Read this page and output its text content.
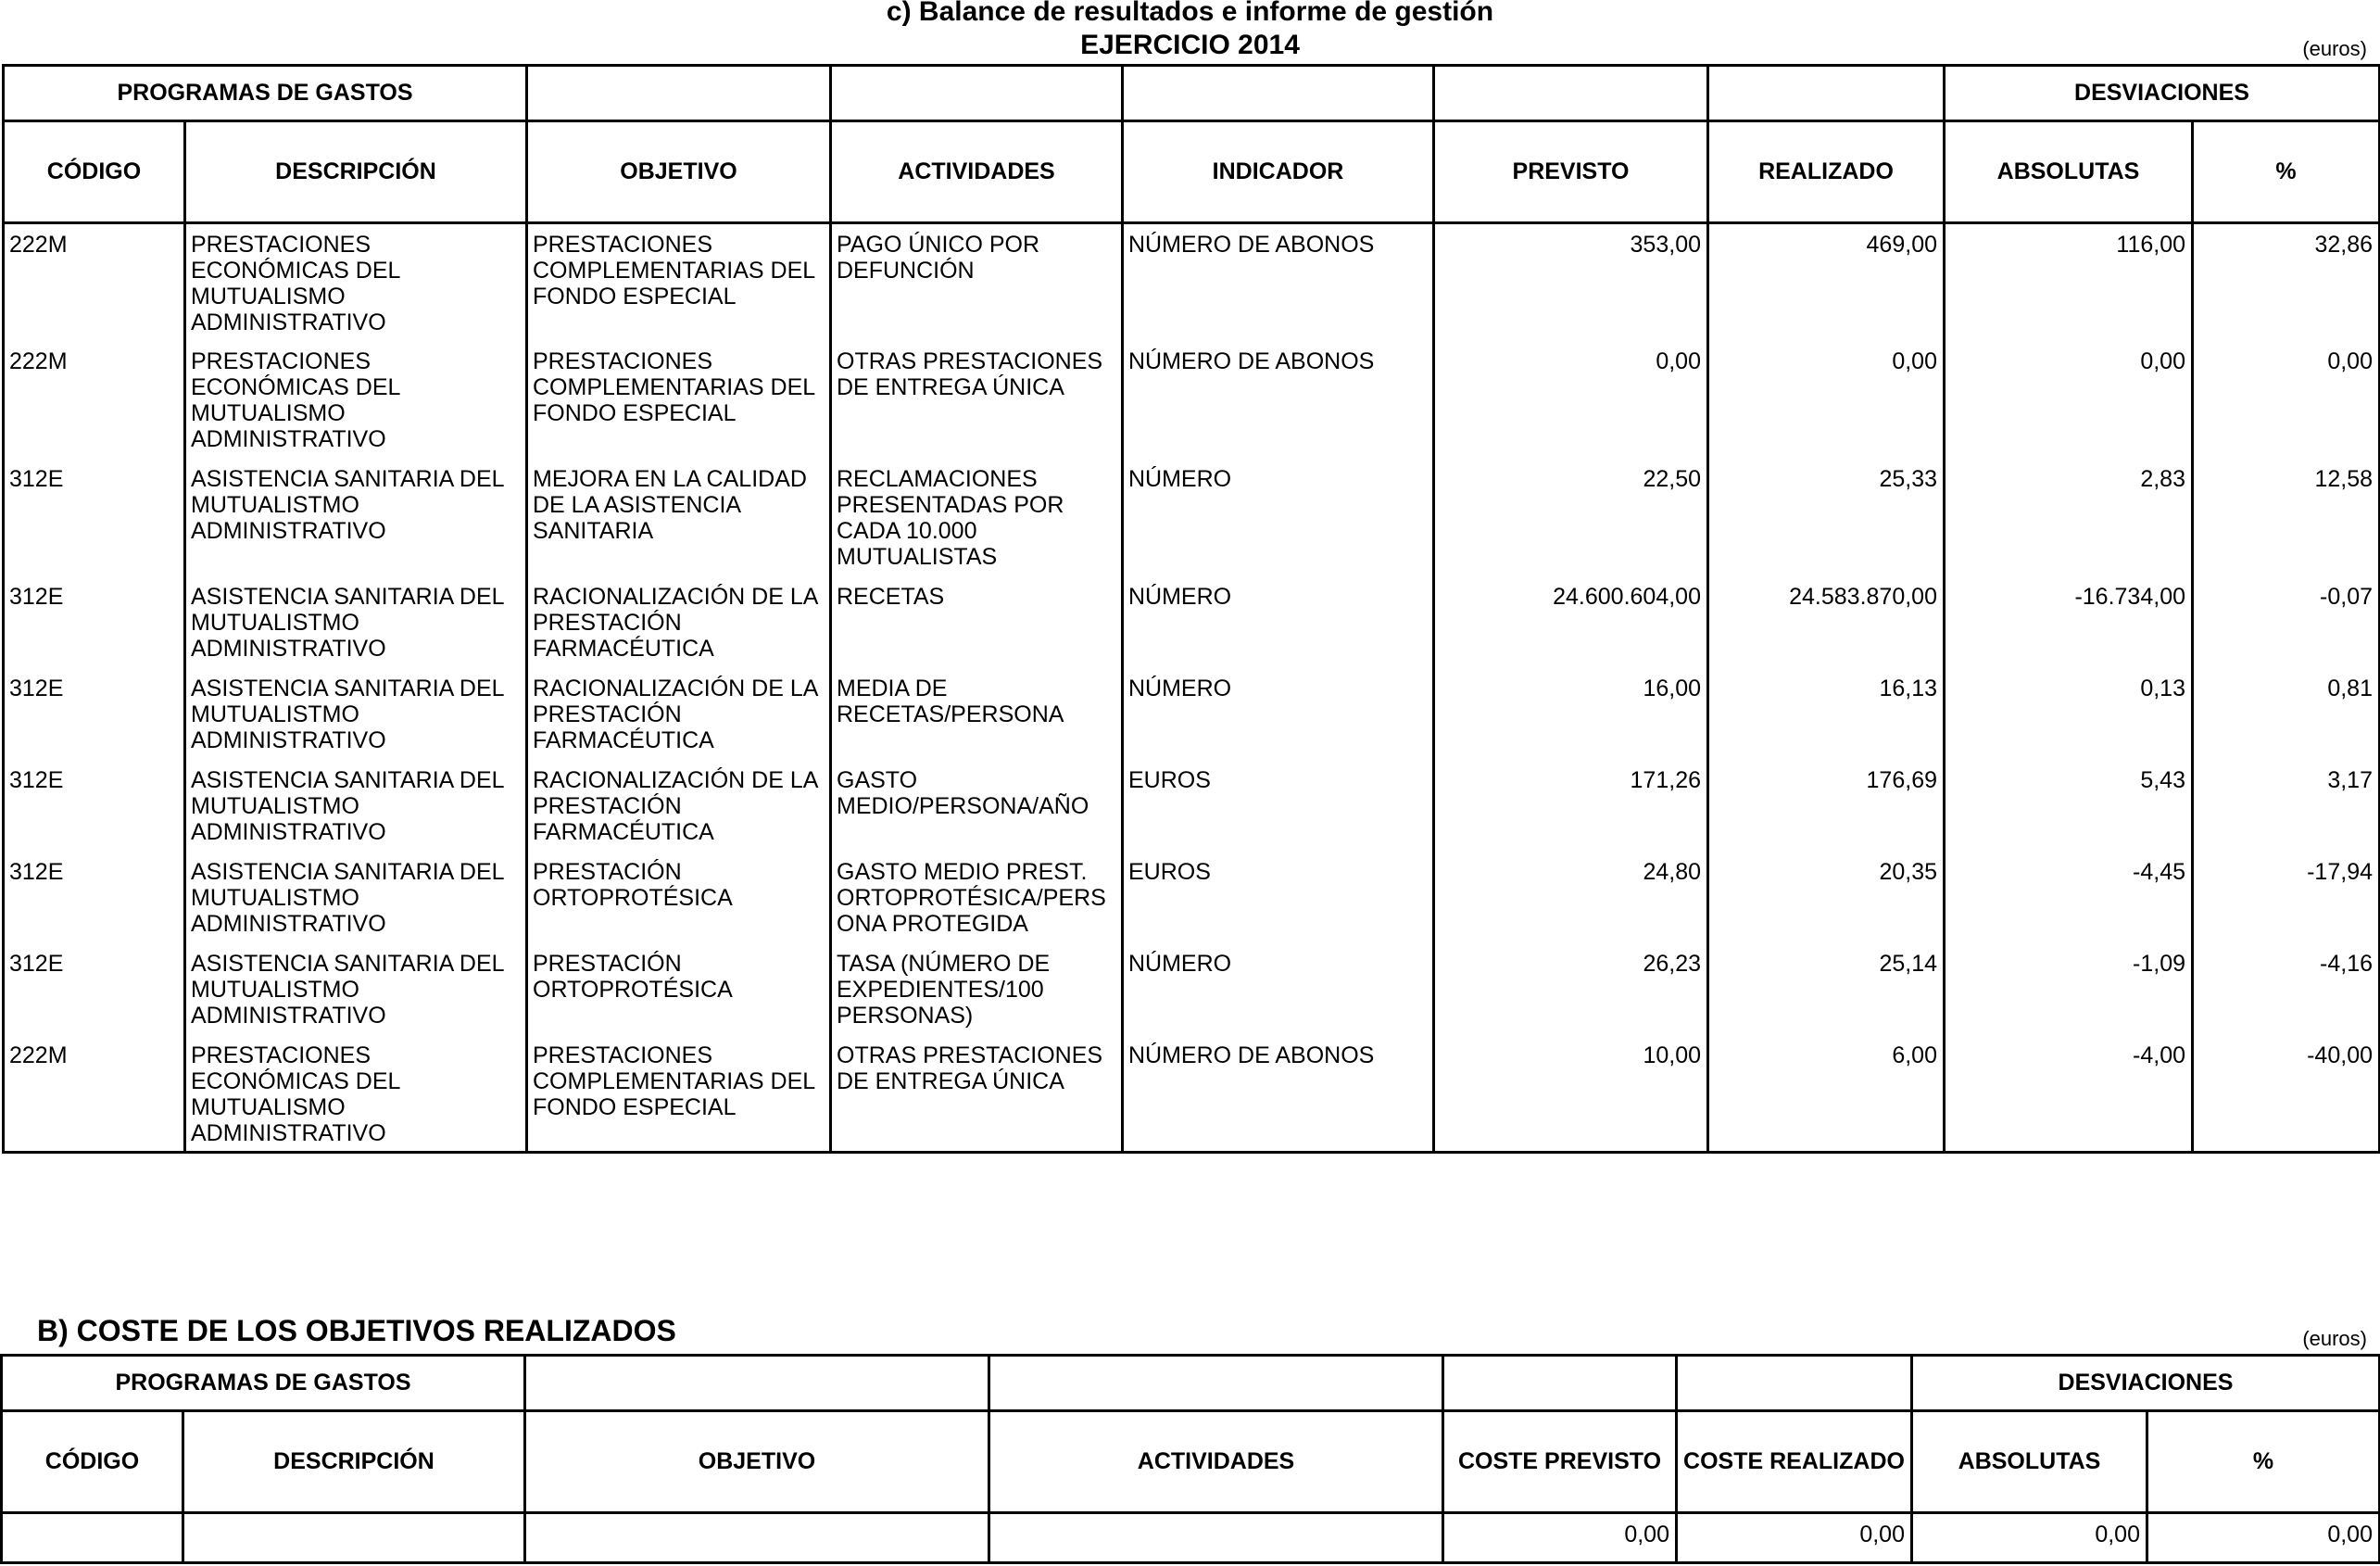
c) Balance de resultados e informe de gestión
EJERCICIO 2014	(euros)
PROGRAMAS DE GASTOS							DESVIACIONES	
CÓDIGO	DESCRIPCIÓN	OBJETIVO	ACTIVIDADES	INDICADOR	PREVISTO	REALIZADO	ABSOLUTAS	%
222M	PRESTACIONES ECONÓMICAS DEL MUTUALISMO ADMINISTRATIVO	PRESTACIONES COMPLEMENTARIAS DEL FONDO ESPECIAL	PAGO ÚNICO POR DEFUNCIÓN	NÚMERO DE ABONOS	353,00	469,00	116,00	32,86
222M	PRESTACIONES ECONÓMICAS DEL MUTUALISMO ADMINISTRATIVO	PRESTACIONES COMPLEMENTARIAS DEL FONDO ESPECIAL	OTRAS PRESTACIONES DE ENTREGA ÚNICA	NÚMERO DE ABONOS	0,00	0,00	0,00	0,00
312E	ASISTENCIA SANITARIA DEL MUTUALISTMO ADMINISTRATIVO	MEJORA EN LA CALIDAD DE LA ASISTENCIA SANITARIA	RECLAMACIONES PRESENTADAS POR CADA 10.000 MUTUALISTAS	NÚMERO	22,50	25,33	2,83	12,58
312E	ASISTENCIA SANITARIA DEL MUTUALISTMO ADMINISTRATIVO	RACIONALIZACIÓN DE LA PRESTACIÓN FARMACÉUTICA	RECETAS	NÚMERO	24.600.604,00	24.583.870,00	-16.734,00	-0,07
312E	ASISTENCIA SANITARIA DEL MUTUALISTMO ADMINISTRATIVO	RACIONALIZACIÓN DE LA PRESTACIÓN FARMACÉUTICA	MEDIA DE RECETAS/PERSONA	NÚMERO	16,00	16,13	0,13	0,81
312E	ASISTENCIA SANITARIA DEL MUTUALISTMO ADMINISTRATIVO	RACIONALIZACIÓN DE LA PRESTACIÓN FARMACÉUTICA	GASTO MEDIO/PERSONA/AÑO	EUROS	171,26	176,69	5,43	3,17
312E	ASISTENCIA SANITARIA DEL MUTUALISTMO ADMINISTRATIVO	PRESTACIÓN ORTOPROTÉSICA	GASTO MEDIO PREST. ORTOPROTÉSICA/PERS ONA PROTEGIDA	EUROS	24,80	20,35	-4,45	-17,94
312E	ASISTENCIA SANITARIA DEL MUTUALISTMO ADMINISTRATIVO	PRESTACIÓN ORTOPROTÉSICA	TASA (NÚMERO DE EXPEDIENTES/100 PERSONAS)	NÚMERO	26,23	25,14	-1,09	-4,16
222M	PRESTACIONES ECONÓMICAS DEL MUTUALISMO ADMINISTRATIVO	PRESTACIONES COMPLEMENTARIAS DEL FONDO ESPECIAL	OTRAS PRESTACIONES DE ENTREGA ÚNICA	NÚMERO DE ABONOS	10,00	6,00	-4,00	-40,00
B) COSTE DE LOS OBJETIVOS REALIZADOS	(euros)
PROGRAMAS DE GASTOS						DESVIACIONES	
CÓDIGO	DESCRIPCIÓN	OBJETIVO	ACTIVIDADES	COSTE PREVISTO	COSTE REALIZADO	ABSOLUTAS	%
				0,00	0,00	0,00	0,00
